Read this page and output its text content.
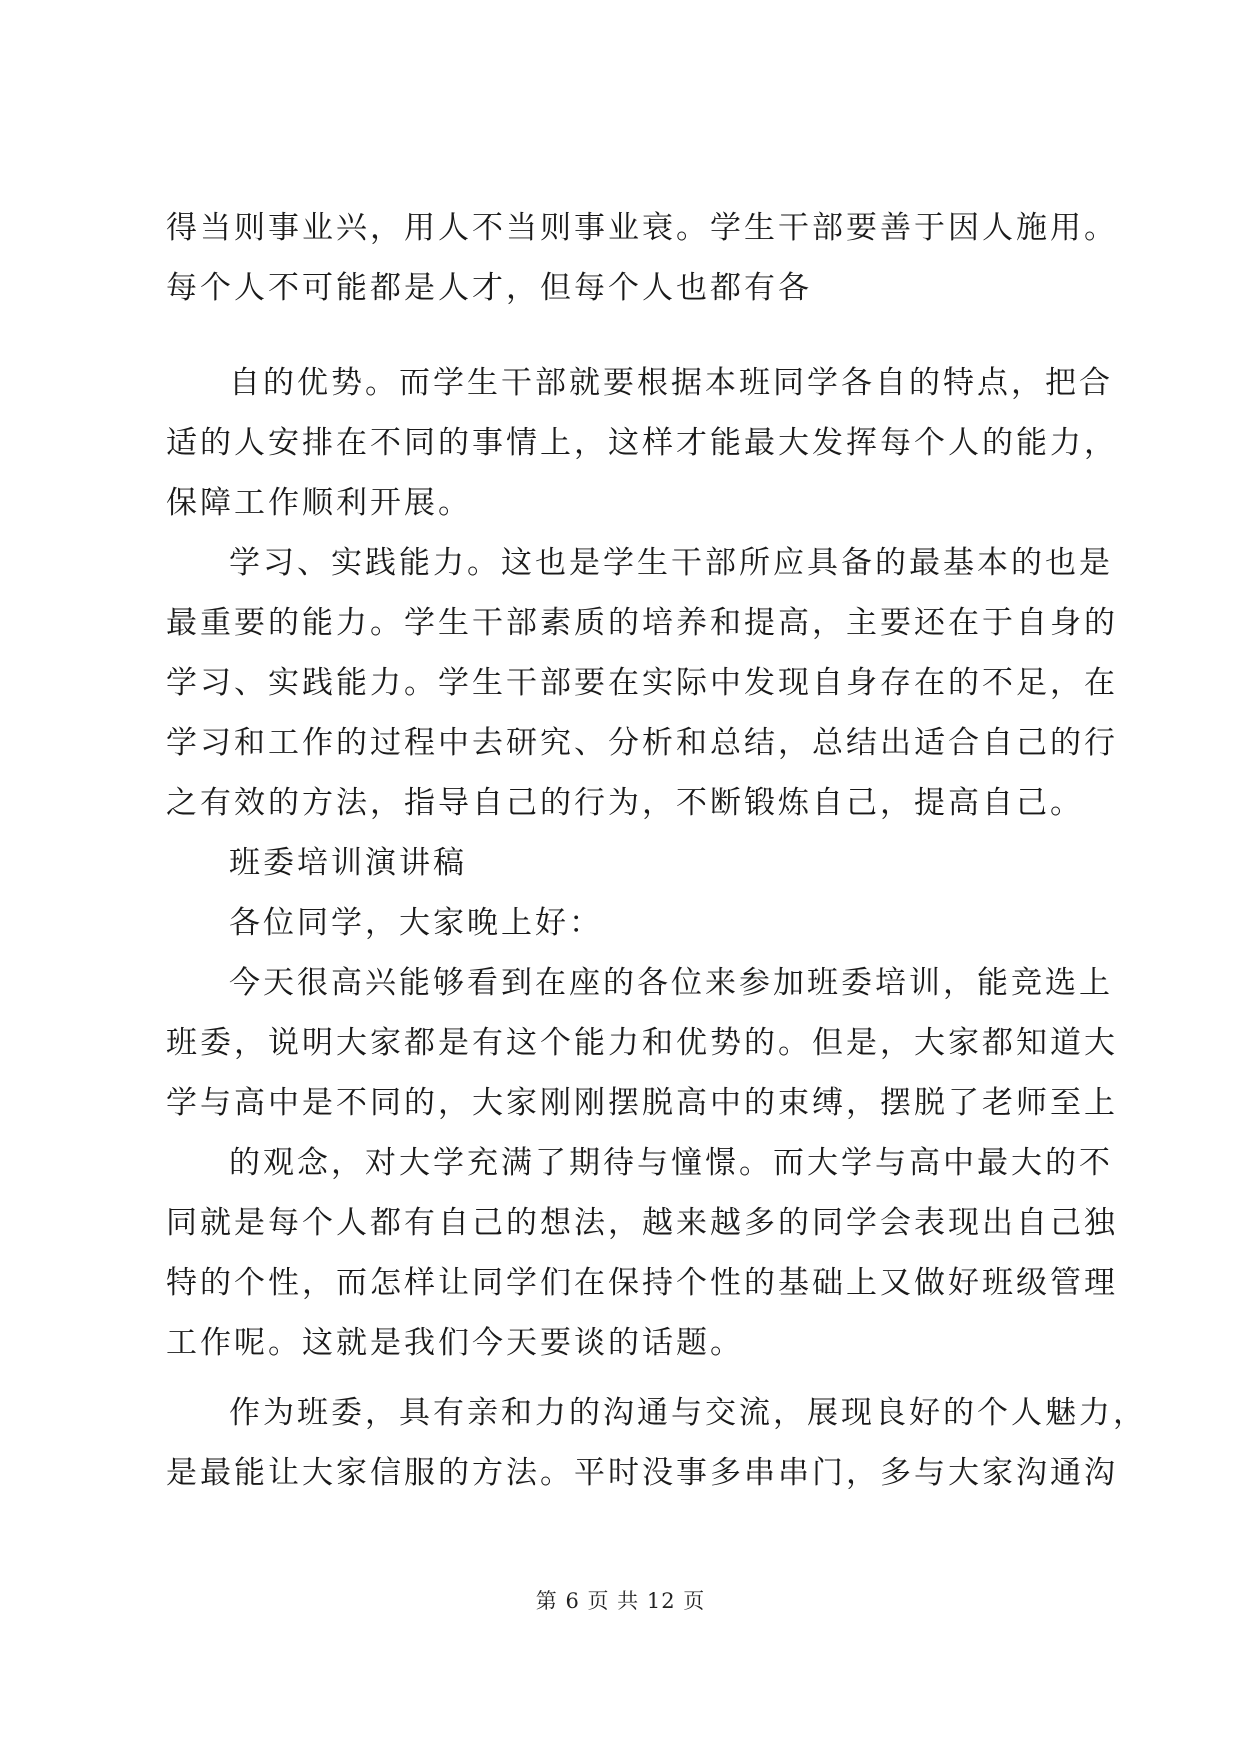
得当则事业兴，用人不当则事业衰。学生干部要善于因人施用。
每个人不可能都是人才，但每个人也都有各
自的优势。而学生干部就要根据本班同学各自的特点，把合
适的人安排在不同的事情上，这样才能最大发挥每个人的能力，
保障工作顺利开展。
学习、实践能力。这也是学生干部所应具备的最基本的也是
最重要的能力。学生干部素质的培养和提高，主要还在于自身的
学习、实践能力。学生干部要在实际中发现自身存在的不足，在
学习和工作的过程中去研究、分析和总结，总结出适合自己的行
之有效的方法，指导自己的行为，不断锻炼自己，提高自己。
班委培训演讲稿
各位同学，大家晚上好：
今天很高兴能够看到在座的各位来参加班委培训，能竞选上
班委，说明大家都是有这个能力和优势的。但是，大家都知道大
学与高中是不同的，大家刚刚摆脱高中的束缚，摆脱了老师至上
的观念，对大学充满了期待与憧憬。而大学与高中最大的不
同就是每个人都有自己的想法，越来越多的同学会表现出自己独
特的个性，而怎样让同学们在保持个性的基础上又做好班级管理
工作呢。这就是我们今天要谈的话题。
作为班委，具有亲和力的沟通与交流，展现良好的个人魅力，
是最能让大家信服的方法。平时没事多串串门，多与大家沟通沟
第 6 页 共 12 页
